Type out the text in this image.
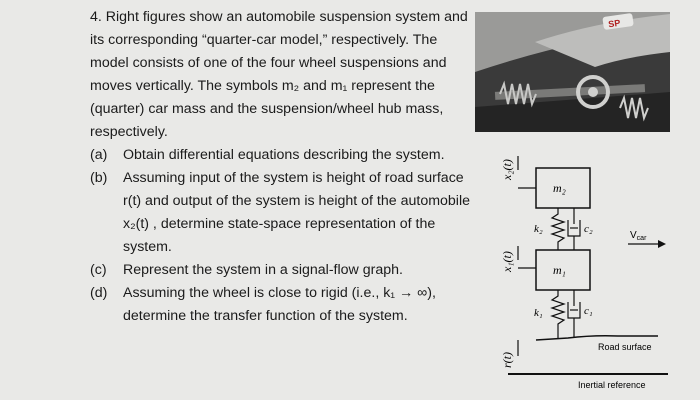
4. Right figures show an automobile suspension system and
its corresponding “quarter-car model,” respectively. The
model consists of one of the four wheel suspensions and
moves vertically. The symbols m₂ and m₁ represent the
(quarter) car mass and the suspension/wheel hub mass,
respectively.
(a)	Obtain differential equations describing the system.
(b)	Assuming input of the system is height of road surface
r(t) and output of the system is height of the automobile
x₂(t) , determine state-space representation of the
system.
(c)	Represent the system in a signal-flow graph.
(d)	Assuming the wheel is close to rigid (i.e., k₁ → ∞),
determine the transfer function of the system.
SP
x₂(t)
m₂
k₂	c₂
x₁(t)	m₁
k₁	c₁
Road surface
r(t)
Inertial reference
$V_{car}$
